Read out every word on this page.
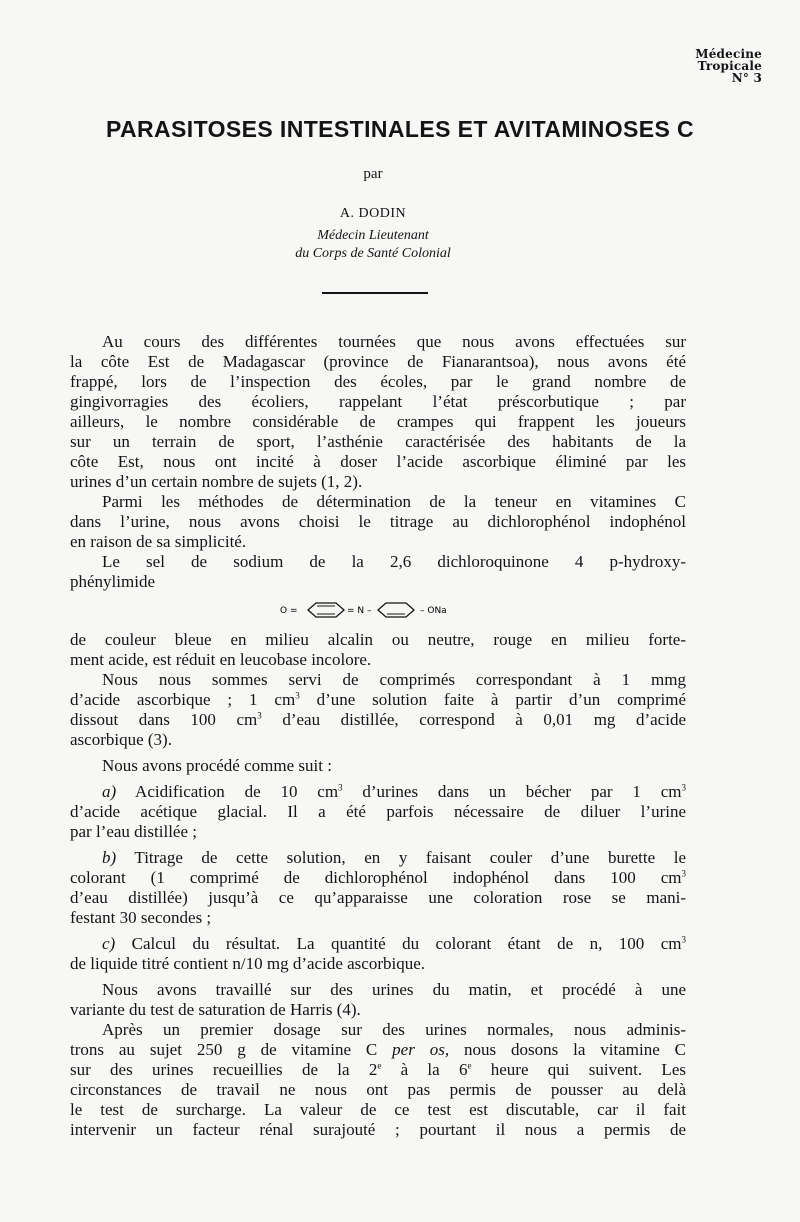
Médecine
Tropicale
N° 3
PARASITOSES INTESTINALES ET AVITAMINOSES C
par
A. DODIN
Médecin Lieutenant
du Corps de Santé Colonial
Au cours des différentes tournées que nous avons effectuées sur
la côte Est de Madagascar (province de Fianarantsoa), nous avons été
frappé, lors de l’inspection des écoles, par le grand nombre de
gingivorragies des écoliers, rappelant l’état préscorbutique ; par
ailleurs, le nombre considérable de crampes qui frappent les joueurs
sur un terrain de sport, l’asthénie caractérisée des habitants de la
côte Est, nous ont incité à doser l’acide ascorbique éliminé par les
urines d’un certain nombre de sujets (1, 2).
Parmi les méthodes de détermination de la teneur en vitamines C
dans l’urine, nous avons choisi le titrage au dichlorophénol indophénol
en raison de sa simplicité.
Le sel de sodium de la 2,6 dichloroquinone 4 p-hydroxy-
phénylimide
O =	= N –	– ONa
de couleur bleue en milieu alcalin ou neutre, rouge en milieu forte-
ment acide, est réduit en leucobase incolore.
Nous nous sommes servi de comprimés correspondant à 1 mmg
d’acide ascorbique ; 1 $cm^3$ d’une solution faite à partir d’un comprimé
dissout dans 100 $cm^3$ d’eau distillée, correspond à 0,01 mg d’acide
ascorbique (3).
Nous avons procédé comme suit :
a) Acidification de 10 $cm^3$ d’urines dans un bécher par 1 $cm^3$
d’acide acétique glacial. Il a été parfois nécessaire de diluer l’urine
par l’eau distillée ;
b) Titrage de cette solution, en y faisant couler d’une burette le
colorant (1 comprimé de dichlorophénol indophénol dans 100 $cm^3$
d’eau distillée) jusqu’à ce qu’apparaisse une coloration rose se mani-
festant 30 secondes ;
c) Calcul du résultat. La quantité du colorant étant de n, 100 $cm^3$
de liquide titré contient n/10 mg d’acide ascorbique.
Nous avons travaillé sur des urines du matin, et procédé à une
variante du test de saturation de Harris (4).
Après un premier dosage sur des urines normales, nous adminis-
trons au sujet 250 g de vitamine C per os, nous dosons la vitamine C
sur des urines recueillies de la 2e à la 6e heure qui suivent. Les
circonstances de travail ne nous ont pas permis de pousser au delà
le test de surcharge. La valeur de ce test est discutable, car il fait
intervenir un facteur rénal surajouté ; pourtant il nous a permis de
